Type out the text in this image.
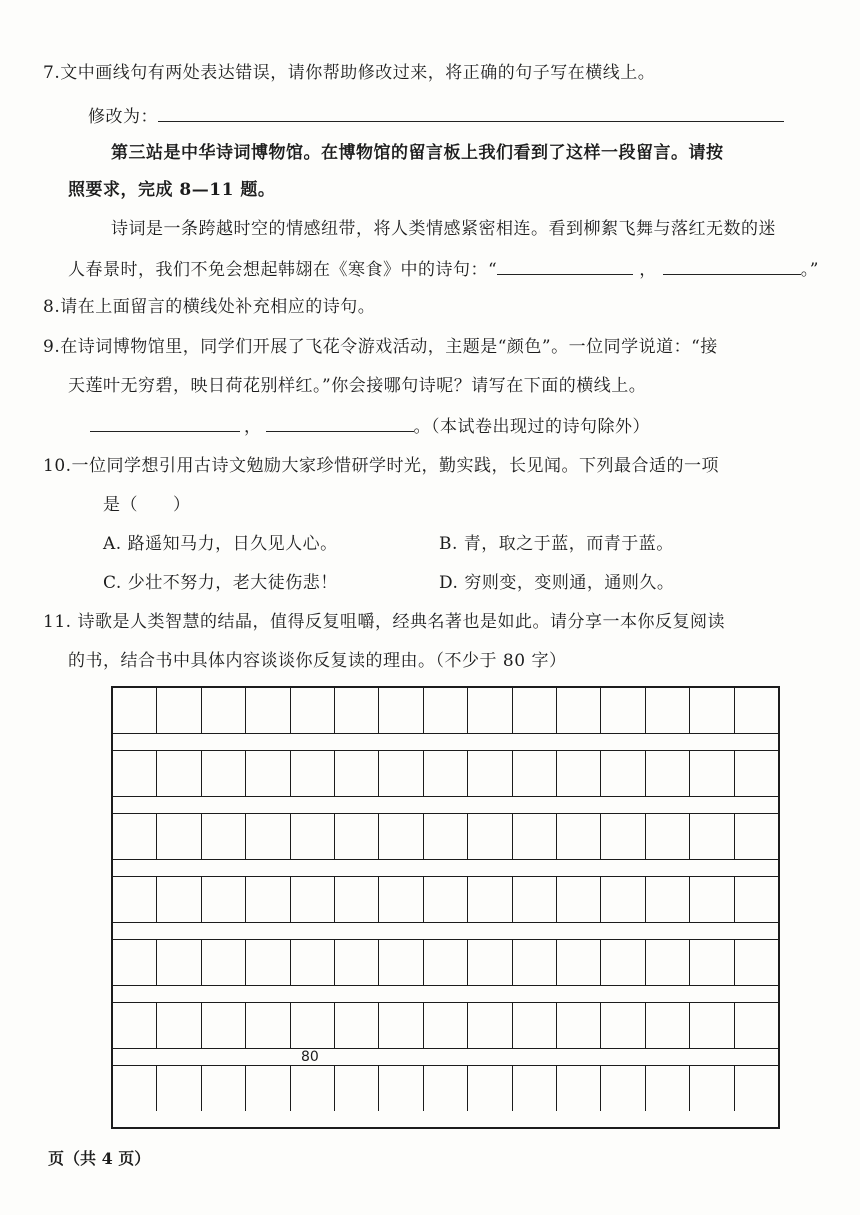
7.文中画线句有两处表达错误，请你帮助修改过来，将正确的句子写在横线上。
修改为：
第三站是中华诗词博物馆。在博物馆的留言板上我们看到了这样一段留言。请按
照要求，完成 8—11 题。
诗词是一条跨越时空的情感纽带，将人类情感紧密相连。看到柳絮飞舞与落红无数的迷
人春景时，我们不免会想起韩翃在《寒食》中的诗句：“	，	。”
8.请在上面留言的横线处补充相应的诗句。
9.在诗词博物馆里，同学们开展了飞花令游戏活动，主题是“颜色”。一位同学说道：“接
天莲叶无穷碧，映日荷花别样红。”你会接哪句诗呢？请写在下面的横线上。
，	。（本试卷出现过的诗句除外）
10.一位同学想引用古诗文勉励大家珍惜研学时光，勤实践，长见闻。下列最合适的一项
是（　　）
A. 路遥知马力，日久见人心。	B. 青，取之于蓝，而青于蓝。
C. 少壮不努力，老大徒伤悲！	D. 穷则变，变则通，通则久。
11. 诗歌是人类智慧的结晶，值得反复咀嚼，经典名著也是如此。请分享一本你反复阅读
的书，结合书中具体内容谈谈你反复读的理由。（不少于 80 字）
80
页（共 4 页）
